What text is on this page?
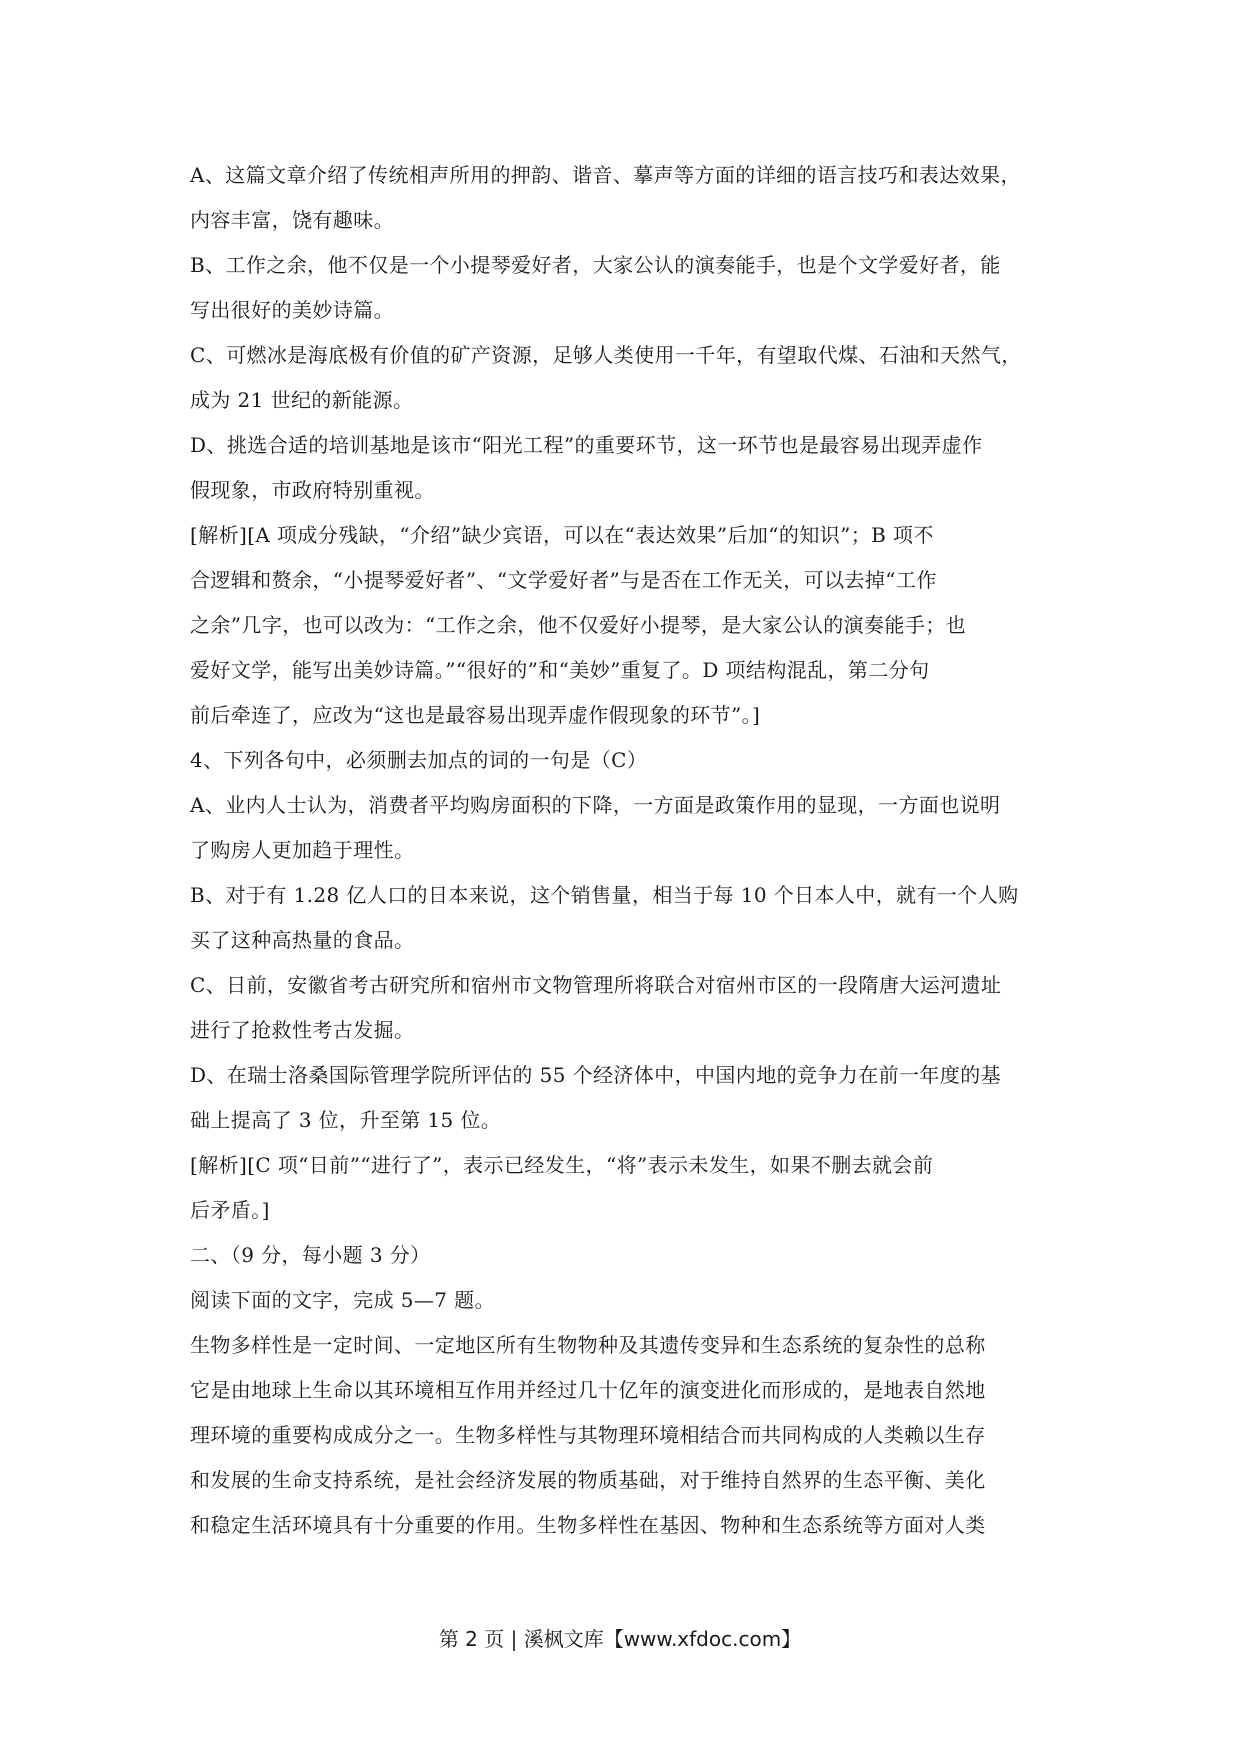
A、这篇文章介绍了传统相声所用的押韵、谐音、摹声等方面的详细的语言技巧和表达效果，
内容丰富，饶有趣味。
B、工作之余，他不仅是一个小提琴爱好者，大家公认的演奏能手，也是个文学爱好者，能
写出很好的美妙诗篇。
C、可燃冰是海底极有价值的矿产资源，足够人类使用一千年，有望取代煤、石油和天然气，
成为 21 世纪的新能源。
D、挑选合适的培训基地是该市“阳光工程”的重要环节，这一环节也是最容易出现弄虚作
假现象，市政府特别重视。
[解析][A 项成分残缺，“介绍”缺少宾语，可以在“表达效果”后加“的知识”；B 项不
合逻辑和赘余，“小提琴爱好者”、“文学爱好者”与是否在工作无关，可以去掉“工作
之余”几字，也可以改为：“工作之余，他不仅爱好小提琴，是大家公认的演奏能手；也
爱好文学，能写出美妙诗篇。”“很好的”和“美妙”重复了。D 项结构混乱，第二分句
前后牵连了，应改为“这也是最容易出现弄虚作假现象的环节”。]
4、下列各句中，必须删去加点的词的一句是（C）
A、业内人士认为，消费者平均购房面积的下降，一方面是政策作用的显现，一方面也说明
了购房人更加趋于理性。
B、对于有 1.28 亿人口的日本来说，这个销售量，相当于每 10 个日本人中，就有一个人购
买了这种高热量的食品。
C、日前，安徽省考古研究所和宿州市文物管理所将联合对宿州市区的一段隋唐大运河遗址
进行了抢救性考古发掘。
D、在瑞士洛桑国际管理学院所评估的 55 个经济体中，中国内地的竞争力在前一年度的基
础上提高了 3 位，升至第 15 位。
[解析][C 项“日前”“进行了”，表示已经发生，“将”表示未发生，如果不删去就会前
后矛盾。]
二、（9 分，每小题 3 分）
阅读下面的文字，完成 5—7 题。
生物多样性是一定时间、一定地区所有生物物种及其遗传变异和生态系统的复杂性的总称
它是由地球上生命以其环境相互作用并经过几十亿年的演变进化而形成的，是地表自然地
理环境的重要构成成分之一。生物多样性与其物理环境相结合而共同构成的人类赖以生存
和发展的生命支持系统，是社会经济发展的物质基础，对于维持自然界的生态平衡、美化
和稳定生活环境具有十分重要的作用。生物多样性在基因、物种和生态系统等方面对人类
第 2 页 | 溪枫文库【www.xfdoc.com】
